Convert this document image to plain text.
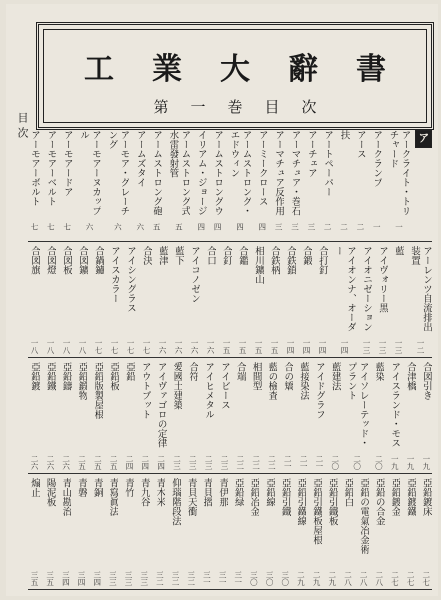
工業大辭書
第一巻目次
目次	ア
アークライト・トリチャード
一
アークランプ
一
アース
二
扶
二
アートペーパー
二
アーチェア
三
アーマチュア・巻石
三
アーマチュア反作用
三
アーミークロース
四
アームストロング・エドウィン
四
アームストロングウ
四
イリアム・ジョージ
四
アームストロング式水雷發射管
五
アームストロング砲
五
アームズタイ
六
アーモア・グレーチング
六
アーモアーヌカップル
六
アーモアードア
七
アーモアーベルト
七
アーモアーボルト
七
アーレンツ自流排出装置
一二
藍
一三
アイヴォリー黒
一三
アイオニゼーション
一三
アイオンナ、オーダー
一四
合打釘
一四
合鍛
一四
合鉄鎖
一四
合鉄柄
一五
相川鑛山
一五
合鑑
一五
合釘
一五
合口
一六
アイコノゼン
一六
藍下
一六
藍津
一六
合決
一七
アイシングラス
一七
アイスカラー
一七
合鍋鑢
一七
合図鑛
一八
合図板
一八
合図燈
一八
合図旗
一八
合図引き
一九
合津橋
一九
アイスランド・モス
一九
藍染
二〇
アイソレーテッド・プラント
二〇
藍建法
二〇
アイドグラフ
二一
藍接染法
二一
合の矯
二一
藍の檢査
二二
相間型
二二
合端
二二
アイビース
二三
アイヒメタル
二三
合符
二三
愛國土建築
二三
アイヴァゴロの定律
二四
アウトプット
二四
亞鉛
二四
亞鉛板
二五
亞鉛版製屋根
二五
亞鉛鍛物
二五
亞鉛鑄
二六
亞鉛鐵
二六
亞鉛鍍
二六
亞鉛鍍床
二七
亞鉛鍍鐵
二七
亞鉛鍍金
二七
亞鉛の合金
二八
亞鉛の電氣冶金術
二八
亞鉛白
二八
亞鉛引鐵板
二九
亞鉛引鐵板屋根
二九
亞鉛引鐵線
二九
亞鉛引鐵
三〇
亞鉛線
三〇
亞鉛冶金
三〇
亞鉛緑
三一
青伊那
三一
青貝摺
三一
青貝天衝
三二
仰瑙階段法
三二
青木米
三二
青九谷
三三
青竹
三三
青寫眞法
三三
青銅
三四
青磐
三四
青山勘治
三四
陽泥板
三五
煽止
三五
